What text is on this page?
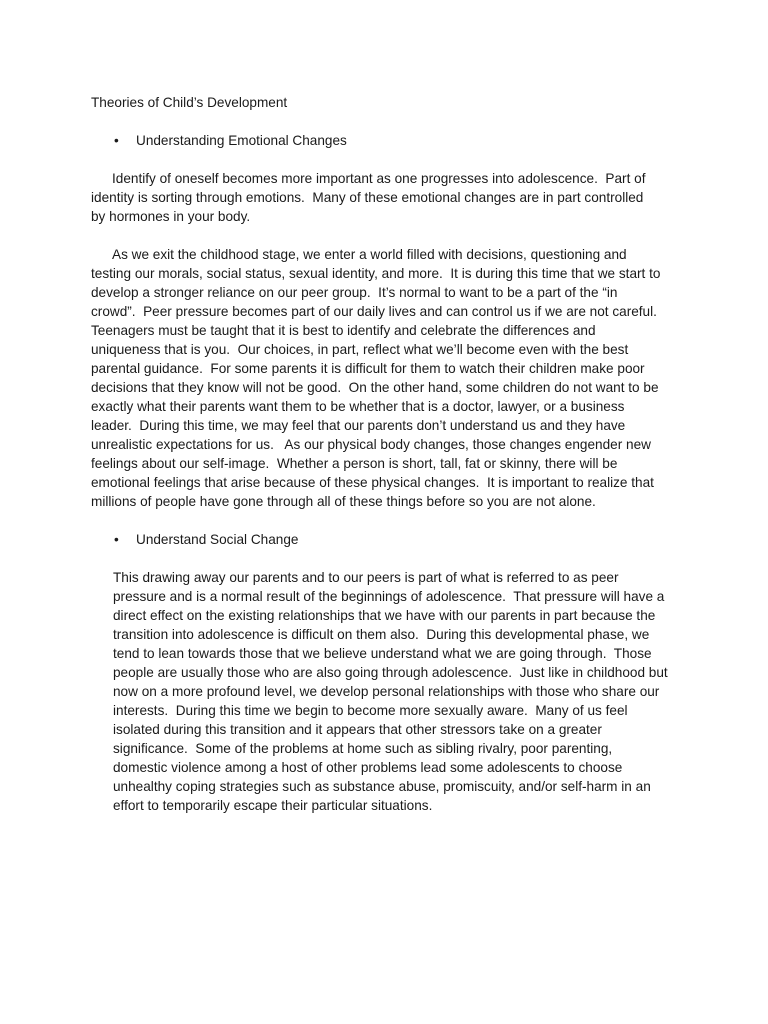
Theories of Child’s Development
• Understanding Emotional Changes
Identify of oneself becomes more important as one progresses into adolescence.  Part of
identity is sorting through emotions.  Many of these emotional changes are in part controlled
by hormones in your body.
As we exit the childhood stage, we enter a world filled with decisions, questioning and
testing our morals, social status, sexual identity, and more.  It is during this time that we start to
develop a stronger reliance on our peer group.  It’s normal to want to be a part of the “in
crowd”.  Peer pressure becomes part of our daily lives and can control us if we are not careful.
Teenagers must be taught that it is best to identify and celebrate the differences and
uniqueness that is you.  Our choices, in part, reflect what we’ll become even with the best
parental guidance.  For some parents it is difficult for them to watch their children make poor
decisions that they know will not be good.  On the other hand, some children do not want to be
exactly what their parents want them to be whether that is a doctor, lawyer, or a business
leader.  During this time, we may feel that our parents don’t understand us and they have
unrealistic expectations for us.   As our physical body changes, those changes engender new
feelings about our self-image.  Whether a person is short, tall, fat or skinny, there will be
emotional feelings that arise because of these physical changes.  It is important to realize that
millions of people have gone through all of these things before so you are not alone.
• Understand Social Change
This drawing away our parents and to our peers is part of what is referred to as peer
pressure and is a normal result of the beginnings of adolescence.  That pressure will have a
direct effect on the existing relationships that we have with our parents in part because the
transition into adolescence is difficult on them also.  During this developmental phase, we
tend to lean towards those that we believe understand what we are going through.  Those
people are usually those who are also going through adolescence.  Just like in childhood but
now on a more profound level, we develop personal relationships with those who share our
interests.  During this time we begin to become more sexually aware.  Many of us feel
isolated during this transition and it appears that other stressors take on a greater
significance.  Some of the problems at home such as sibling rivalry, poor parenting,
domestic violence among a host of other problems lead some adolescents to choose
unhealthy coping strategies such as substance abuse, promiscuity, and/or self-harm in an
effort to temporarily escape their particular situations.
